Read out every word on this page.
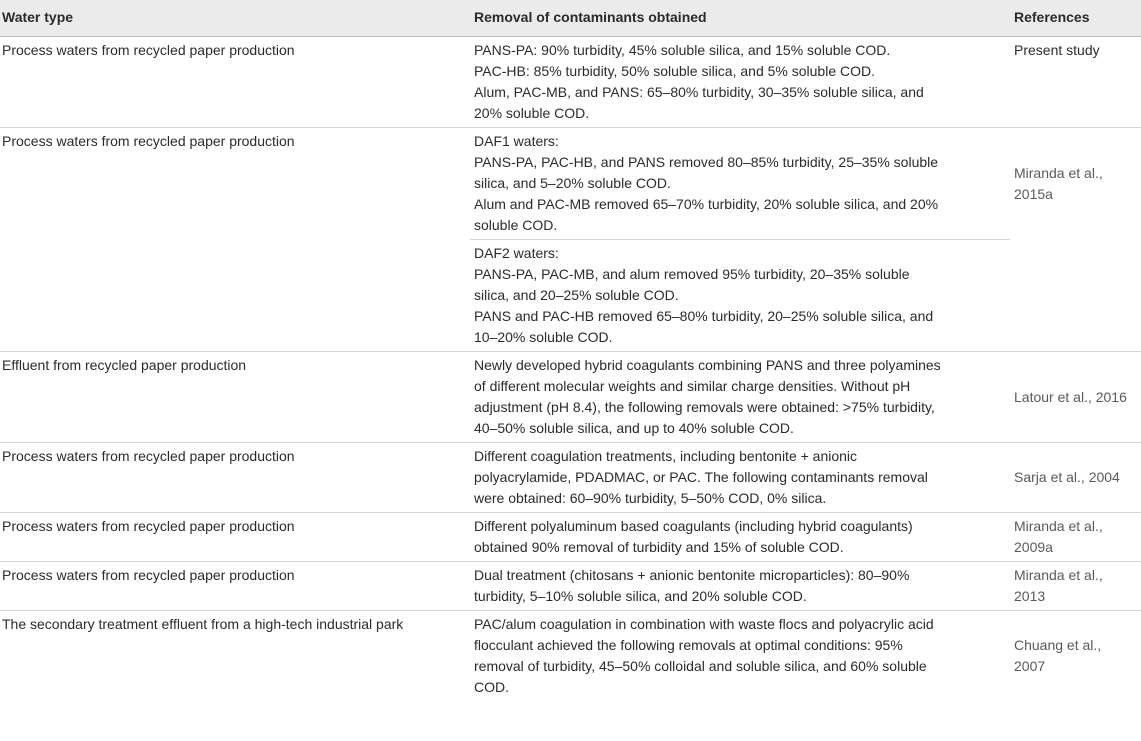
Water type	Removal of contaminants obtained	References
Process waters from recycled paper production	PANS-PA: 90% turbidity, 45% soluble silica, and 15% soluble COD.
PAC-HB: 85% turbidity, 50% soluble silica, and 5% soluble COD.
Alum, PAC-MB, and PANS: 65–80% turbidity, 30–35% soluble silica, and
20% soluble COD.	Present study
Process waters from recycled paper production	DAF1 waters:
PANS-PA, PAC-HB, and PANS removed 80–85% turbidity, 25–35% soluble
silica, and 5–20% soluble COD.
Alum and PAC-MB removed 65–70% turbidity, 20% soluble silica, and 20%
soluble COD.	Miranda et al.,
2015a

	DAF2 waters:
PANS-PA, PAC-MB, and alum removed 95% turbidity, 20–35% soluble
silica, and 20–25% soluble COD.
PANS and PAC-HB removed 65–80% turbidity, 20–25% soluble silica, and
10–20% soluble COD.	

Effluent from recycled paper production	Newly developed hybrid coagulants combining PANS and three polyamines
of different molecular weights and similar charge densities. Without pH
adjustment (pH 8.4), the following removals were obtained: >75% turbidity,
40–50% soluble silica, and up to 40% soluble COD.	Latour et al., 2016
Process waters from recycled paper production	Different coagulation treatments, including bentonite + anionic
polyacrylamide, PDADMAC, or PAC. The following contaminants removal
were obtained: 60–90% turbidity, 5–50% COD, 0% silica.	Sarja et al., 2004
Process waters from recycled paper production	Different polyaluminum based coagulants (including hybrid coagulants)
obtained 90% removal of turbidity and 15% of soluble COD.	Miranda et al.,
2009a

Process waters from recycled paper production	Dual treatment (chitosans + anionic bentonite microparticles): 80–90%
turbidity, 5–10% soluble silica, and 20% soluble COD.	Miranda et al.,
2013

The secondary treatment effluent from a high-tech industrial park	PAC/alum coagulation in combination with waste flocs and polyacrylic acid
flocculant achieved the following removals at optimal conditions: 95%
removal of turbidity, 45–50% colloidal and soluble silica, and 60% soluble
COD.	Chuang et al.,
2007
